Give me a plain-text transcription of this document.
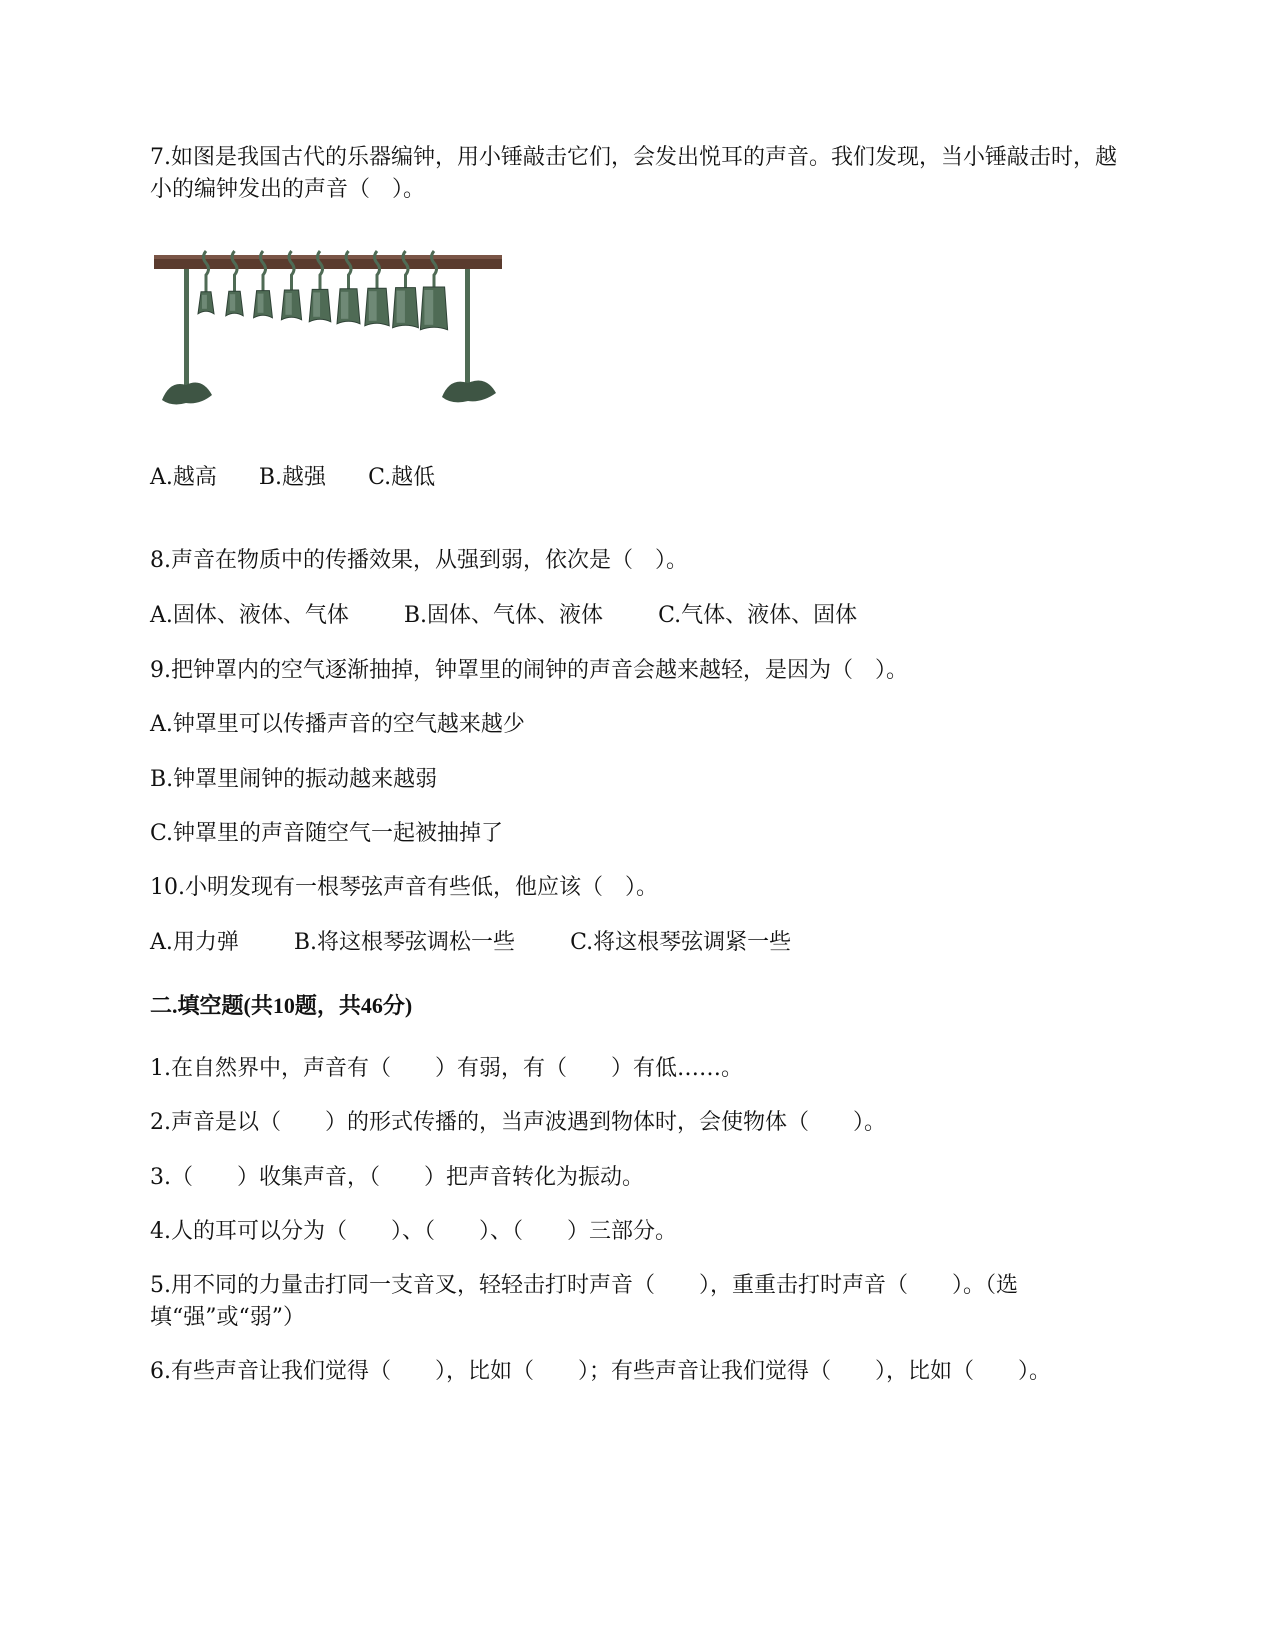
7.如图是我国古代的乐器编钟，用小锤敲击它们，会发出悦耳的声音。我们发现，当小锤敲击时，越小的编钟发出的声音（　）。
A.越高 B.越强 C.越低
8.声音在物质中的传播效果，从强到弱，依次是（　）。
A.固体、液体、气体	B.固体、气体、液体	C.气体、液体、固体
9.把钟罩内的空气逐渐抽掉，钟罩里的闹钟的声音会越来越轻，是因为（　）。
A.钟罩里可以传播声音的空气越来越少
B.钟罩里闹钟的振动越来越弱
C.钟罩里的声音随空气一起被抽掉了
10.小明发现有一根琴弦声音有些低，他应该（　）。
A.用力弹	B.将这根琴弦调松一些	C.将这根琴弦调紧一些
二.填空题(共10题，共46分)
1.在自然界中，声音有（　　）有弱，有（　　）有低……。
2.声音是以（　　）的形式传播的，当声波遇到物体时，会使物体（　　）。
3.（　　）收集声音，（　　）把声音转化为振动。
4.人的耳可以分为（　　）、（　　）、（　　）三部分。
5.用不同的力量击打同一支音叉，轻轻击打时声音（　　），重重击打时声音（　　）。（选填“强”或“弱”）
6.有些声音让我们觉得（　　），比如（　　）；有些声音让我们觉得（　　），比如（　　）。
